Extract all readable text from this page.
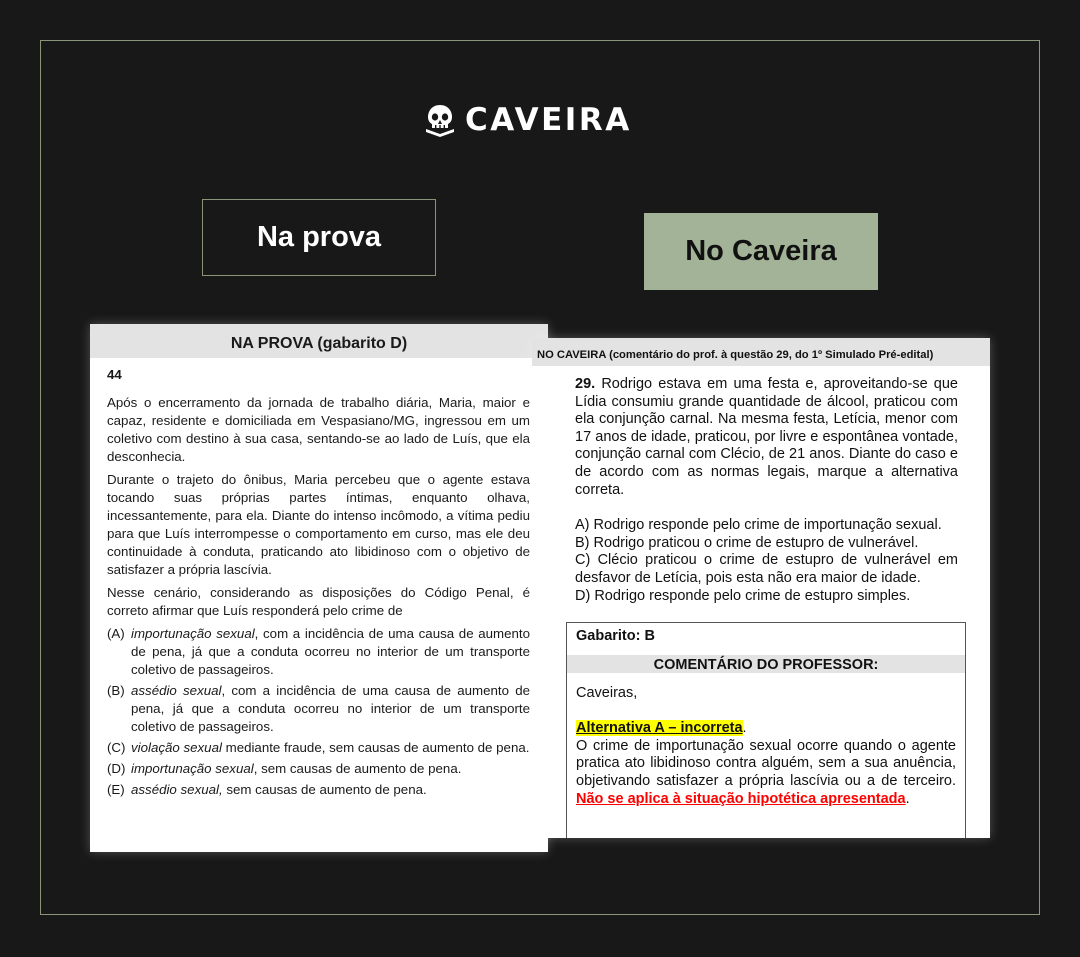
CAVEIRA
Na prova	No Caveira
NA PROVA (gabarito D)

44

Após o encerramento da jornada de trabalho diária, Maria, maior e capaz, residente e domiciliada em Vespasiano/MG, ingressou em um coletivo com destino à sua casa, sentando-se ao lado de Luís, que ela desconhecia.

Durante o trajeto do ônibus, Maria percebeu que o agente estava tocando suas próprias partes íntimas, enquanto olhava, incessantemente, para ela. Diante do intenso incômodo, a vítima pediu para que Luís interrompesse o comportamento em curso, mas ele deu continuidade à conduta, praticando ato libidinoso com o objetivo de satisfazer a própria lascívia.

Nesse cenário, considerando as disposições do Código Penal, é correto afirmar que Luís responderá pelo crime de

(A) importunação sexual, com a incidência de uma causa de aumento de pena, já que a conduta ocorreu no interior de um transporte coletivo de passageiros.
(B) assédio sexual, com a incidência de uma causa de aumento de pena, já que a conduta ocorreu no interior de um transporte coletivo de passageiros.
(C) violação sexual mediante fraude, sem causas de aumento de pena.
(D) importunação sexual, sem causas de aumento de pena.
(E) assédio sexual, sem causas de aumento de pena.
NO CAVEIRA (comentário do prof. à questão 29, do 1º Simulado Pré-edital)

29. Rodrigo estava em uma festa e, aproveitando-se que Lídia consumiu grande quantidade de álcool, praticou com ela conjunção carnal. Na mesma festa, Letícia, menor com 17 anos de idade, praticou, por livre e espontânea vontade, conjunção carnal com Clécio, de 21 anos. Diante do caso e de acordo com as normas legais, marque a alternativa correta.

A) Rodrigo responde pelo crime de importunação sexual.

B) Rodrigo praticou o crime de estupro de vulnerável.

C) Clécio praticou o crime de estupro de vulnerável em desfavor de Letícia, pois esta não era maior de idade.

D) Rodrigo responde pelo crime de estupro simples.

Gabarito: B
COMENTÁRIO DO PROFESSOR:

Caveiras,

Alternativa A – incorreta.

O crime de importunação sexual ocorre quando o agente pratica ato libidinoso contra alguém, sem a sua anuência, objetivando satisfazer a própria lascívia ou a de terceiro. Não se aplica à situação hipotética apresentada.
